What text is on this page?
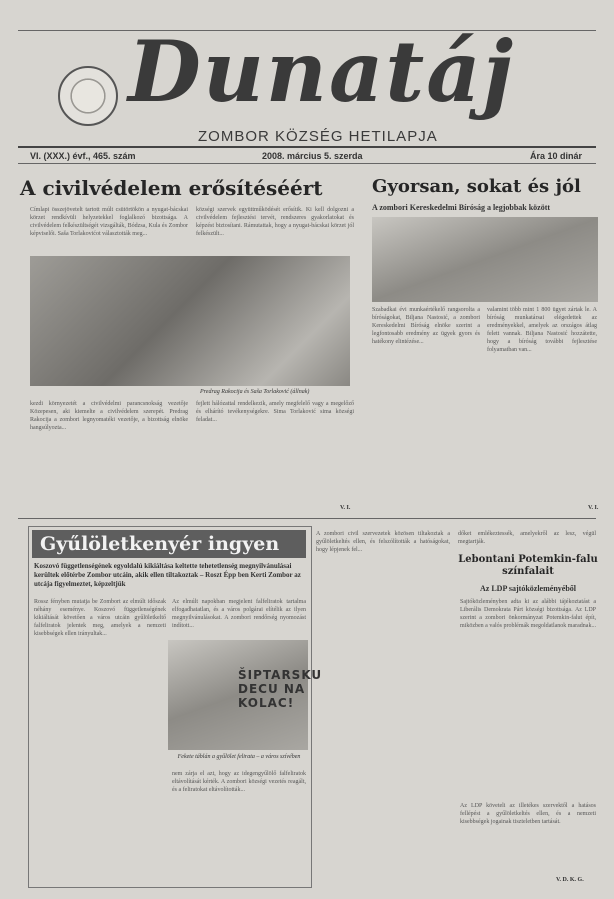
Dunatáj
ZOMBOR KÖZSÉG HETILAPJA
VI. (XXX.) évf., 465. szám	2008. március 5. szerda	Ára 10 dinár
A civilvédelem erősítéséért
Címlapi összejövetelt tartott múlt csütörtökön a nyugat-bácskai körzet rendkívüli helyzetekkel foglalkozó bizottsága. A civilvédelem felkészültségét vizsgálták, Bódzsa, Kula és Zombor képviselői. Saša Torlakovićot választották meg...
községi szervek együttműködését erősítik. Ki kell dolgozni a civilvédelem fejlesztési tervét, rendszeres gyakorlatokat és képzést biztosítani. Rámutattak, hogy a nyugat-bácskai körzet jól felkészült...
Predrag Rakocija és Saša Torlaković (állnak)
kezdi környezetét a civilvédelmi parancsnokság vezetője Közepesen, aki kiemelte a civilvédelem szerepét. Predrag Rakocija a zombori legnyomatéki vezetője, a bizottság elnöke hangsúlyozta...
fejlett hálózattal rendelkezik, amely megfelelő vagy a megelőző és elhárító tevékenységekre. Sima Torlaković sima községi feladat...
V. I.
Gyorsan, sokat és jól
A zombori Kereskedelmi Bíróság a legjobbak között
Szabadkai évi munkaértékelő rangsorolta a bíróságokat, Biljana Nastosić, a zombori Kereskedelmi Bíróság elnöke szerint a legfontosabb eredmény az ügyek gyors és hatékony elintézése...
valamint több mint 1 800 ügyet zártak le. A bíróság munkatársai elégedettek az eredményekkel, amelyek az országos átlag felett vannak. Biljana Nastosić hozzátette, hogy a bíróság további fejlesztése folyamatban van...
V. I.
Gyűlöletkenyér ingyen
Koszovó függetlenségének egyoldalú kikiáltása keltette tehetetlenség megnyilvánulásai kerültek előtérbe Zombor utcáin, akik ellen tiltakoztak – Roszt Épp ben Kerti Zombor az utcája figyelmeztet, képzeltjük
Rossz fényben mutatja be Zombort az elmúlt időszak néhány eseménye. Koszovó függetlenségének kikiáltását követően a város utcáin gyűlöletkeltő falfeliratok jelentek meg, amelyek a nemzeti kisebbségek ellen irányultak...
Az elmúlt napokban megjelent falfeliratok tartalma elfogadhatatlan, és a város polgárai elítélik az ilyen megnyilvánulásokat. A zombori rendőrség nyomozást indított...
ŠIPTARSKU
DECU NA
KOLAC!
Fekete táblán a gyűlölet felirata – a város szívében
nem zárja el azt, hogy az idegengyűlölő falfeliratok eltávolítását kérték. A zombori községi vezetés reagált, és a feliratokat eltávolították...
A zombori civil szervezetek közösen tiltakoztak a gyűlöletkeltés ellen, és felszólították a hatóságokat, hogy lépjenek fel...
dőket emlékeztessék, amelyekről az lesz, végül megtartják.
Lebontani Potemkin-falu színfalait
Az LDP sajtóközleményéből
Sajtóközleményben adta ki az alábbi tájékoztatást a Liberális Demokrata Párt községi bizottsága. Az LDP szerint a zombori önkormányzat Potemkin-falut épít, miközben a valós problémák megoldatlanok maradnak...
Az LDP követeli az illetékes szervektől a hatásos fellépést a gyűlöletkeltés ellen, és a nemzeti kisebbségek jogainak tiszteletben tartását.
V. D. K. G.
